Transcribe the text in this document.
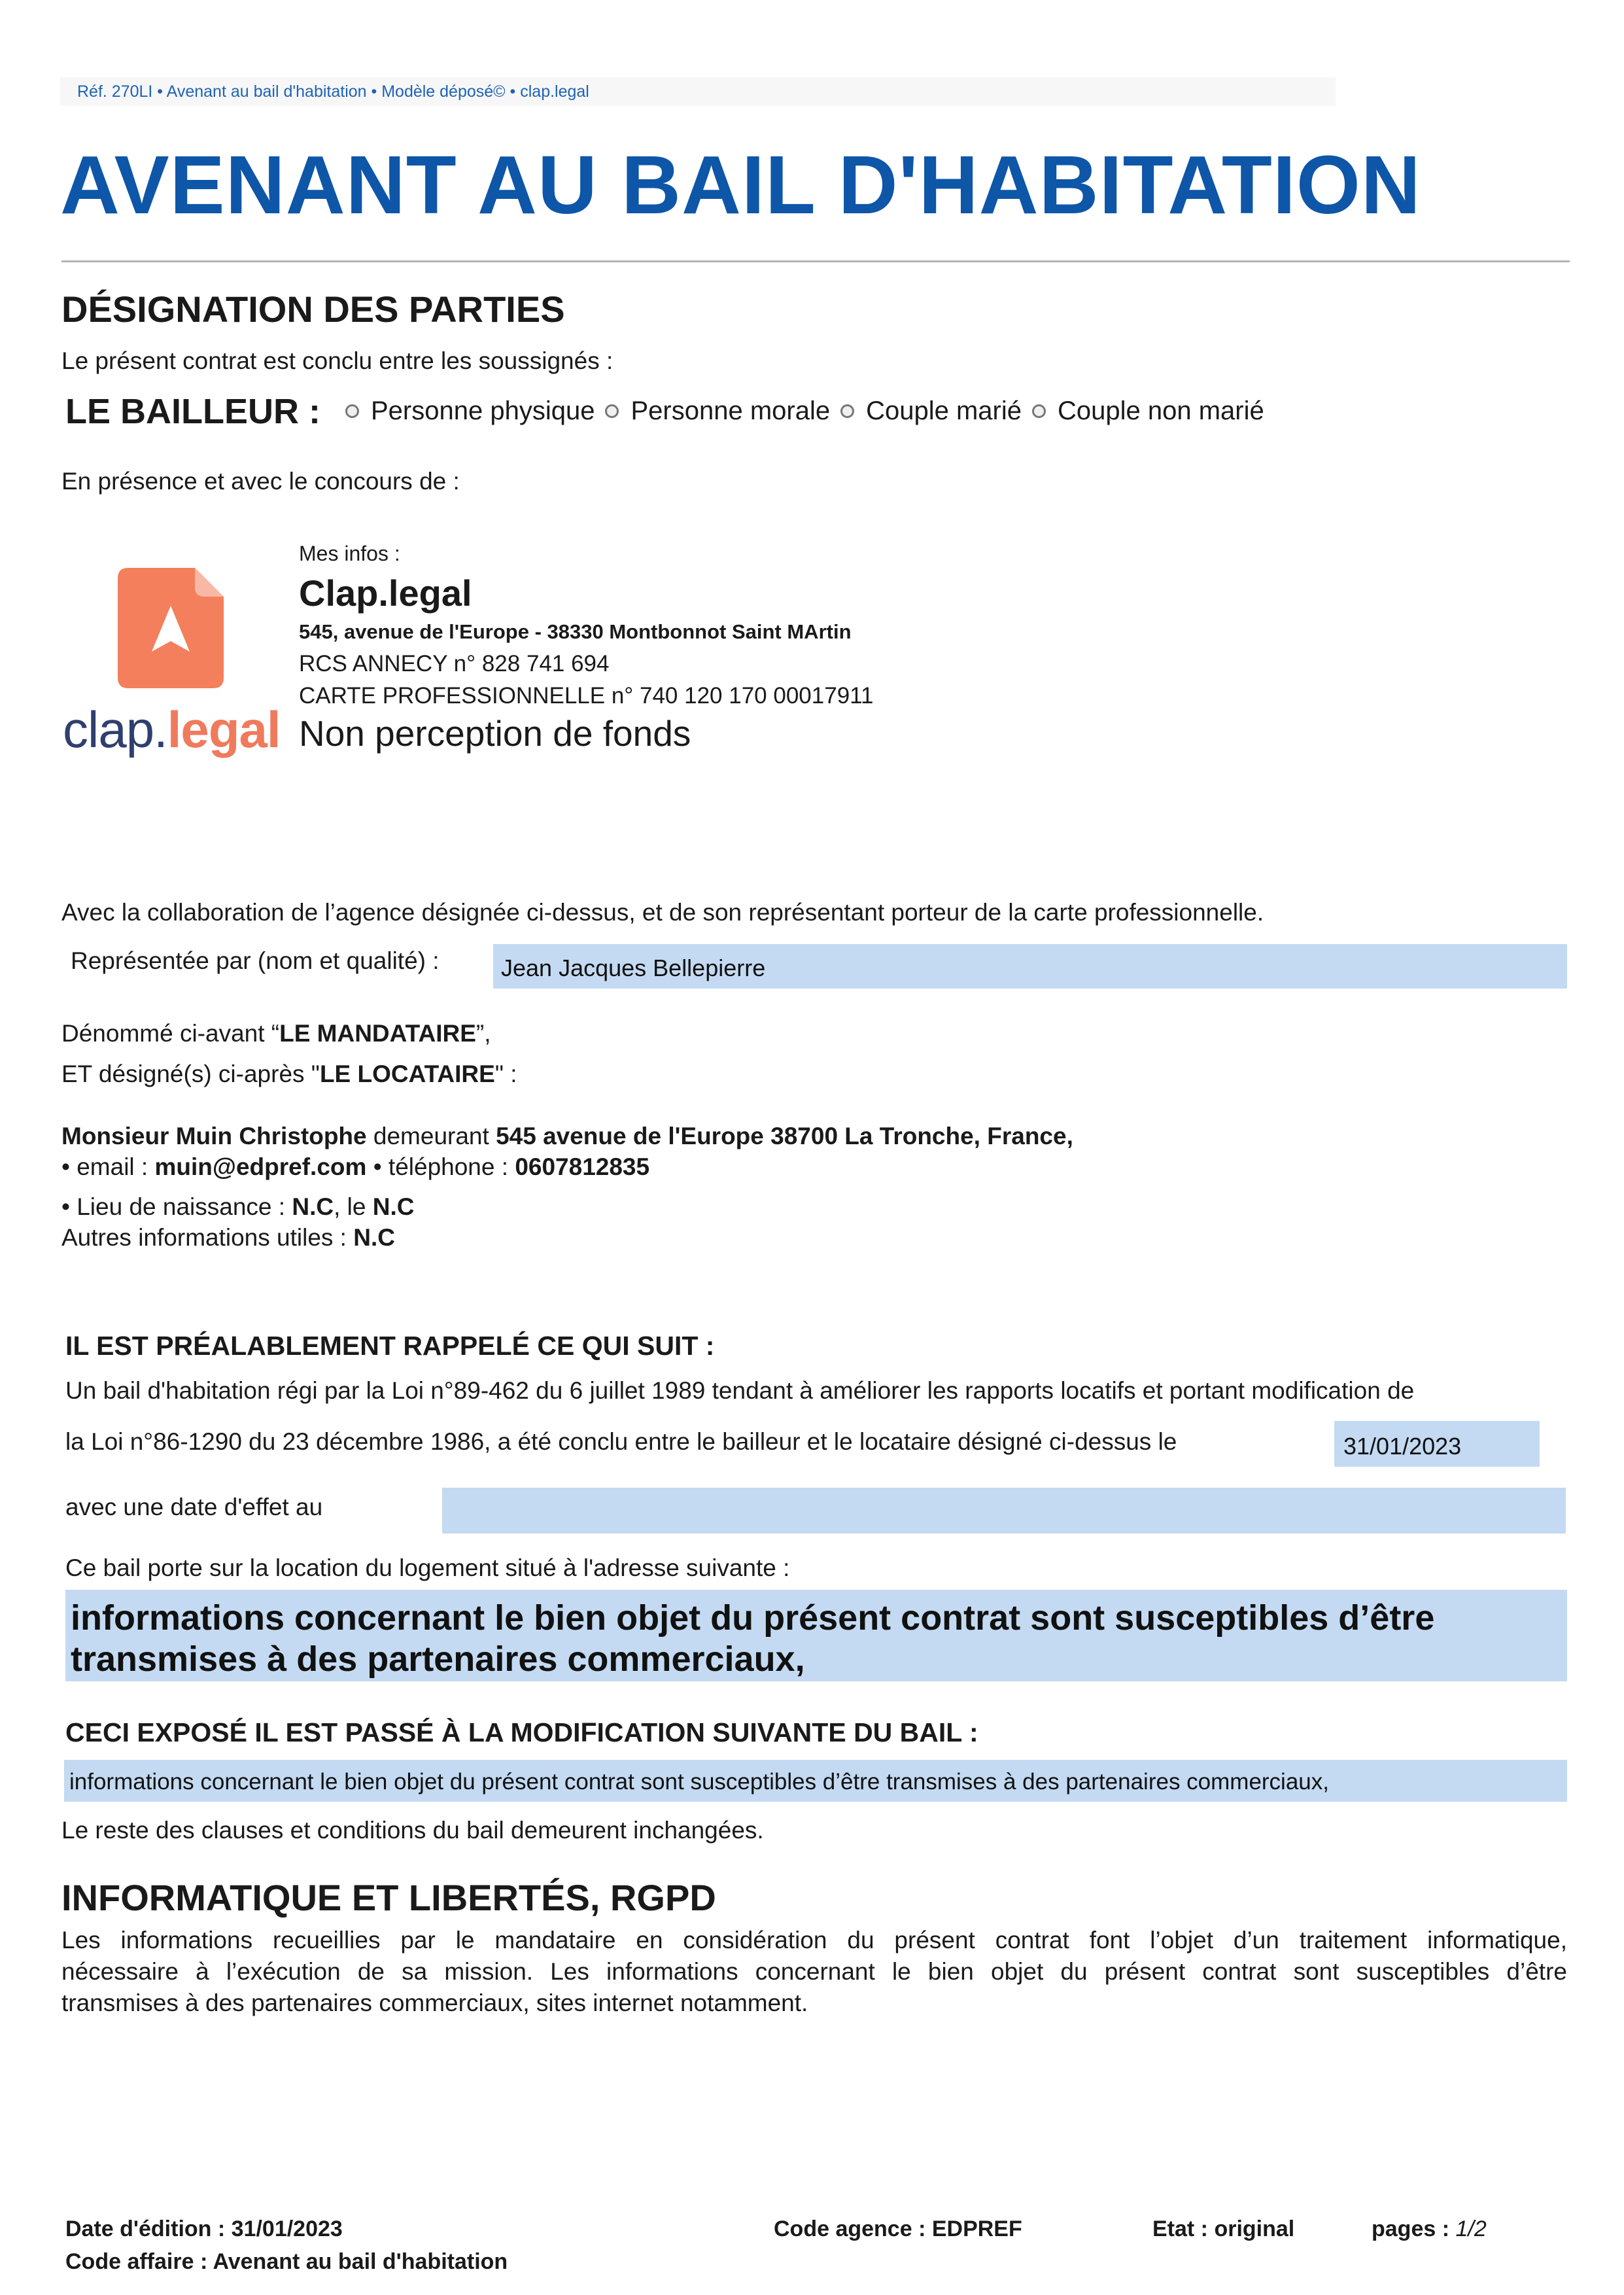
Réf. 270LI • Avenant au bail d'habitation • Modèle déposé© • clap.legal
AVENANT AU BAIL D'HABITATION
DÉSIGNATION DES PARTIES
Le présent contrat est conclu entre les soussignés :
LE BAILLEUR : Personne physique Personne morale Couple marié Couple non marié
En présence et avec le concours de :
clap.legal
Mes infos :
Clap.legal
545, avenue de l'Europe - 38330 Montbonnot Saint MArtin
RCS ANNECY n° 828 741 694
CARTE PROFESSIONNELLE n° 740 120 170 00017911
Non perception de fonds
Avec la collaboration de l’agence désignée ci-dessus, et de son représentant porteur de la carte professionnelle.
Représentée par (nom et qualité) :	Jean Jacques Bellepierre
Dénommé ci-avant “LE MANDATAIRE”,
ET désigné(s) ci-après "LE LOCATAIRE" :
Monsieur Muin Christophe demeurant 545 avenue de l'Europe 38700 La Tronche, France,
• email : muin@edpref.com • téléphone : 0607812835
• Lieu de naissance : N.C, le N.C
Autres informations utiles : N.C
IL EST PRÉALABLEMENT RAPPELÉ CE QUI SUIT :
Un bail d'habitation régi par la Loi n°89-462 du 6 juillet 1989 tendant à améliorer les rapports locatifs et portant modification de
la Loi n°86-1290 du 23 décembre 1986, a été conclu entre le bailleur et le locataire désigné ci-dessus le	31/01/2023
avec une date d'effet au
Ce bail porte sur la location du logement situé à l'adresse suivante :
informations concernant le bien objet du présent contrat sont susceptibles d’être transmises à des partenaires commerciaux,
CECI EXPOSÉ IL EST PASSÉ À LA MODIFICATION SUIVANTE DU BAIL :
informations concernant le bien objet du présent contrat sont susceptibles d’être transmises à des partenaires commerciaux,
Le reste des clauses et conditions du bail demeurent inchangées.
INFORMATIQUE ET LIBERTÉS, RGPD
Les informations recueillies par le mandataire en considération du présent contrat font l’objet d’un traitement informatique,
nécessaire à l’exécution de sa mission. Les informations concernant le bien objet du présent contrat sont susceptibles d’être
transmises à des partenaires commerciaux, sites internet notamment.
Date d'édition : 31/01/2023
Code affaire : Avenant au bail d'habitation
Code agence : EDPREF	Etat : original	pages : 1/2
